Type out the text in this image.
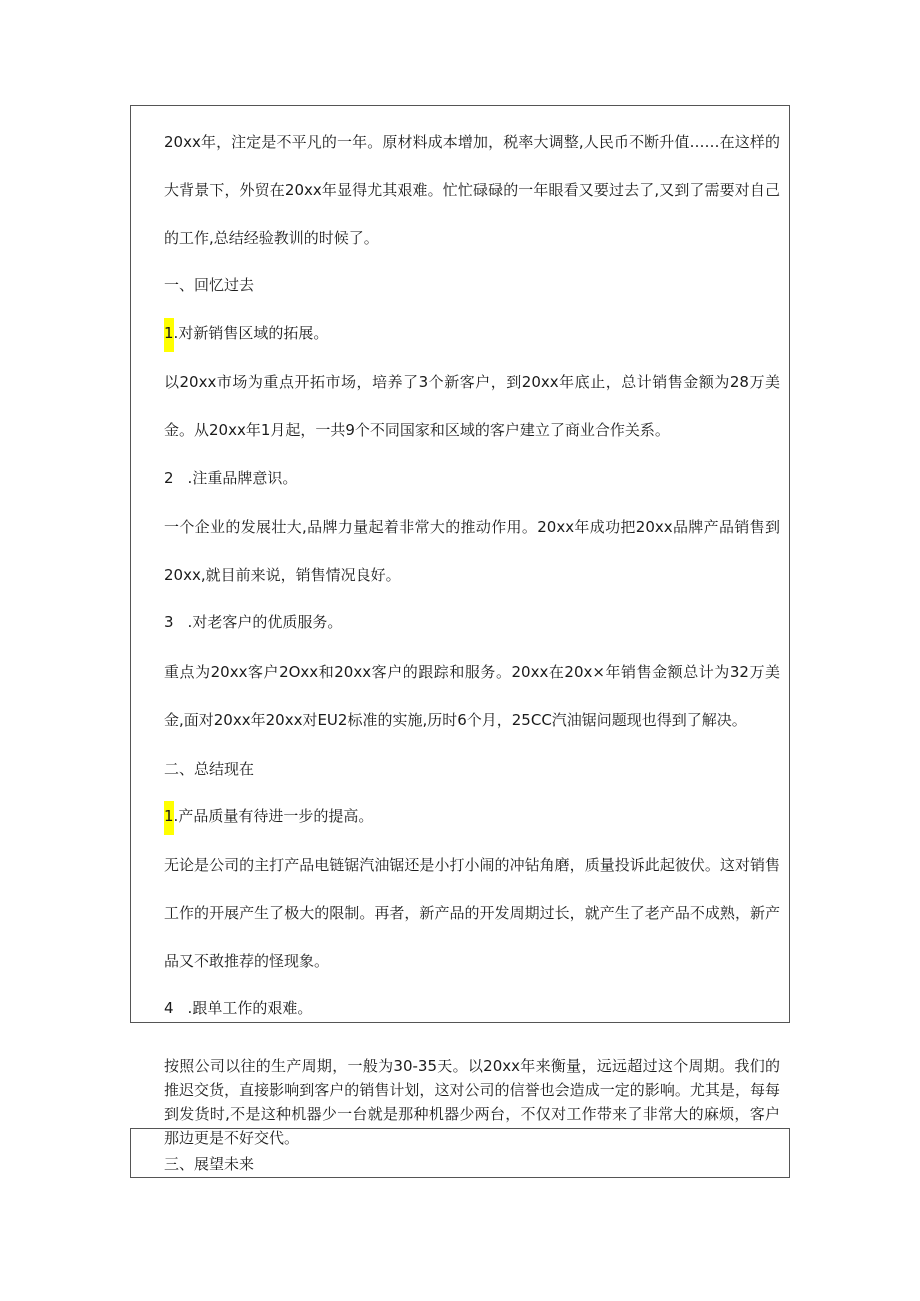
20xx年，注定是不平凡的一年。原材料成本增加，税率大调整,人民币不断升值……在这样的大背景下，外贸在20xx年显得尤其艰难。忙忙碌碌的一年眼看又要过去了,又到了需要对自己的工作,总结经验教训的时候了。
一、回忆过去
1.对新销售区域的拓展。
以20xx市场为重点开拓市场，培养了3个新客户，到20xx年底止，总计销售金额为28万美金。从20xx年1月起，一共9个不同国家和区域的客户建立了商业合作关系。
2 .注重品牌意识。
一个企业的发展壮大,品牌力量起着非常大的推动作用。20xx年成功把20xx品牌产品销售到20xx,就目前来说，销售情况良好。
3 .对老客户的优质服务。
重点为20xx客户2Oxx和20xx客户的跟踪和服务。20xx在20x×年销售金额总计为32万美金,面对20xx年20xx对EU2标准的实施,历时6个月，25CC汽油锯问题现也得到了解决。
二、总结现在
1.产品质量有待进一步的提高。
无论是公司的主打产品电链锯汽油锯还是小打小闹的冲钻角磨，质量投诉此起彼伏。这对销售工作的开展产生了极大的限制。再者，新产品的开发周期过长，就产生了老产品不成熟，新产品又不敢推荐的怪现象。
4 .跟单工作的艰难。
按照公司以往的生产周期，一般为30-35天。以20xx年来衡量，远远超过这个周期。我们的推迟交货，直接影响到客户的销售计划，这对公司的信誉也会造成一定的影响。尤其是，每每到发货时,不是这种机器少一台就是那种机器少两台，不仅对工作带来了非常大的麻烦，客户那边更是不好交代。
三、展望未来
